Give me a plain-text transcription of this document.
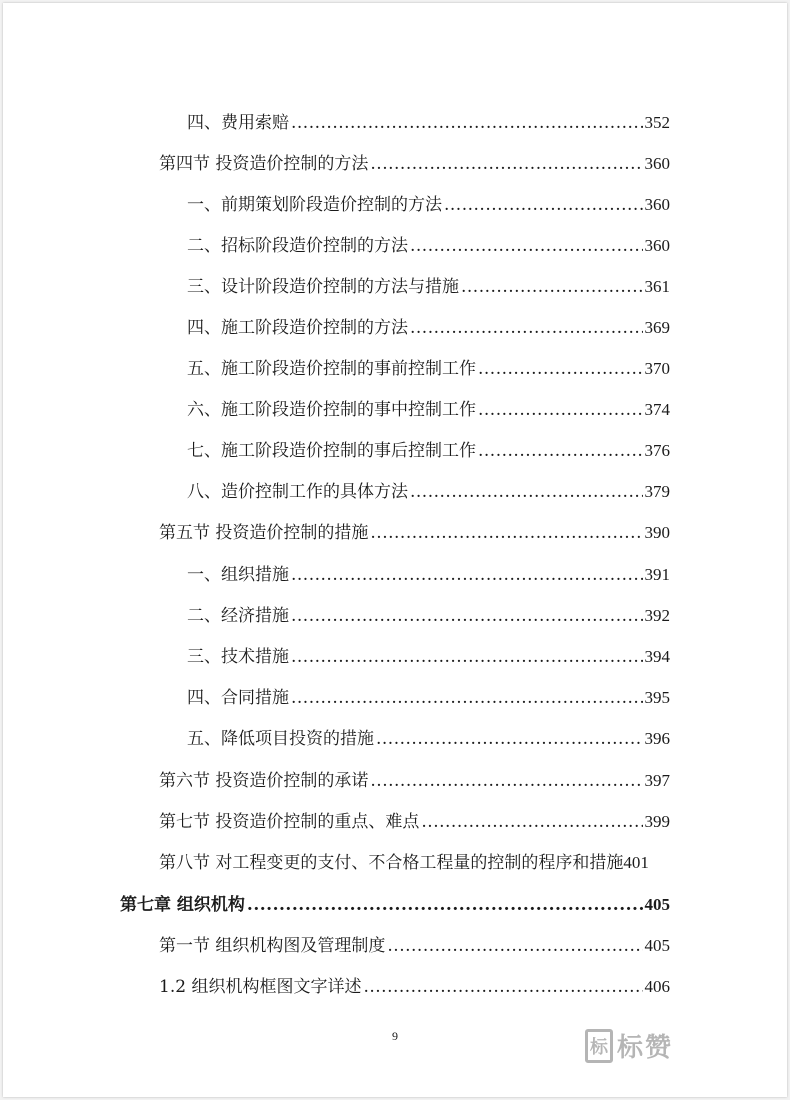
四、费用索赔 .....	352
第四节 投资造价控制的方法 .....	360
一、前期策划阶段造价控制的方法 .....	360
二、招标阶段造价控制的方法 .....	360
三、设计阶段造价控制的方法与措施 .....	361
四、施工阶段造价控制的方法 .....	369
五、施工阶段造价控制的事前控制工作 .....	370
六、施工阶段造价控制的事中控制工作 .....	374
七、施工阶段造价控制的事后控制工作 .....	376
八、造价控制工作的具体方法 .....	379
第五节 投资造价控制的措施 .....	390
一、组织措施 .....	391
二、经济措施 .....	392
三、技术措施 .....	394
四、合同措施 .....	395
五、降低项目投资的措施 .....	396
第六节 投资造价控制的承诺 .....	397
第七节 投资造价控制的重点、难点 .....	399
第八节 对工程变更的支付、不合格工程量的控制的程序和措施 401
第七章 组织机构 .....	405
第一节 组织机构图及管理制度 .....	405
1.2 组织机构框图文字详述 .....	406
9
标 标赞
